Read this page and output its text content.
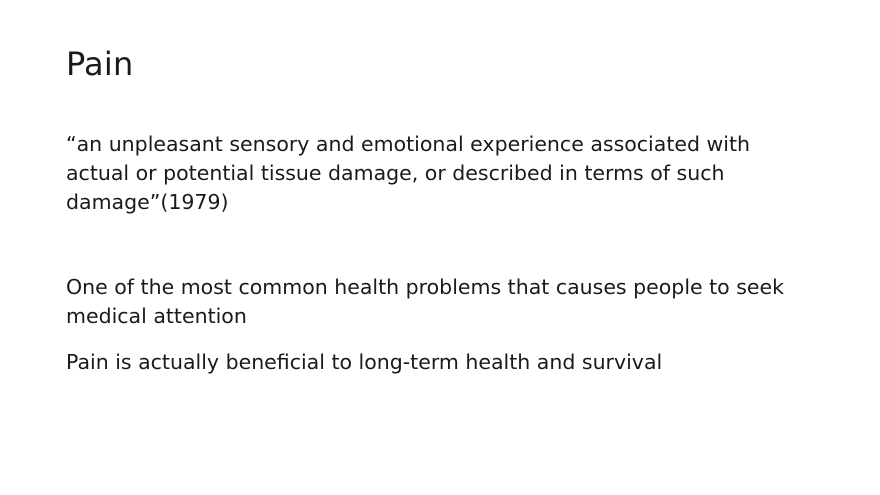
Pain

“an unpleasant sensory and emotional experience associated with actual or potential tissue damage, or described in terms of such damage”(1979)

One of the most common health problems that causes people to seek medical attention

Pain is actually beneficial to long-term health and survival
